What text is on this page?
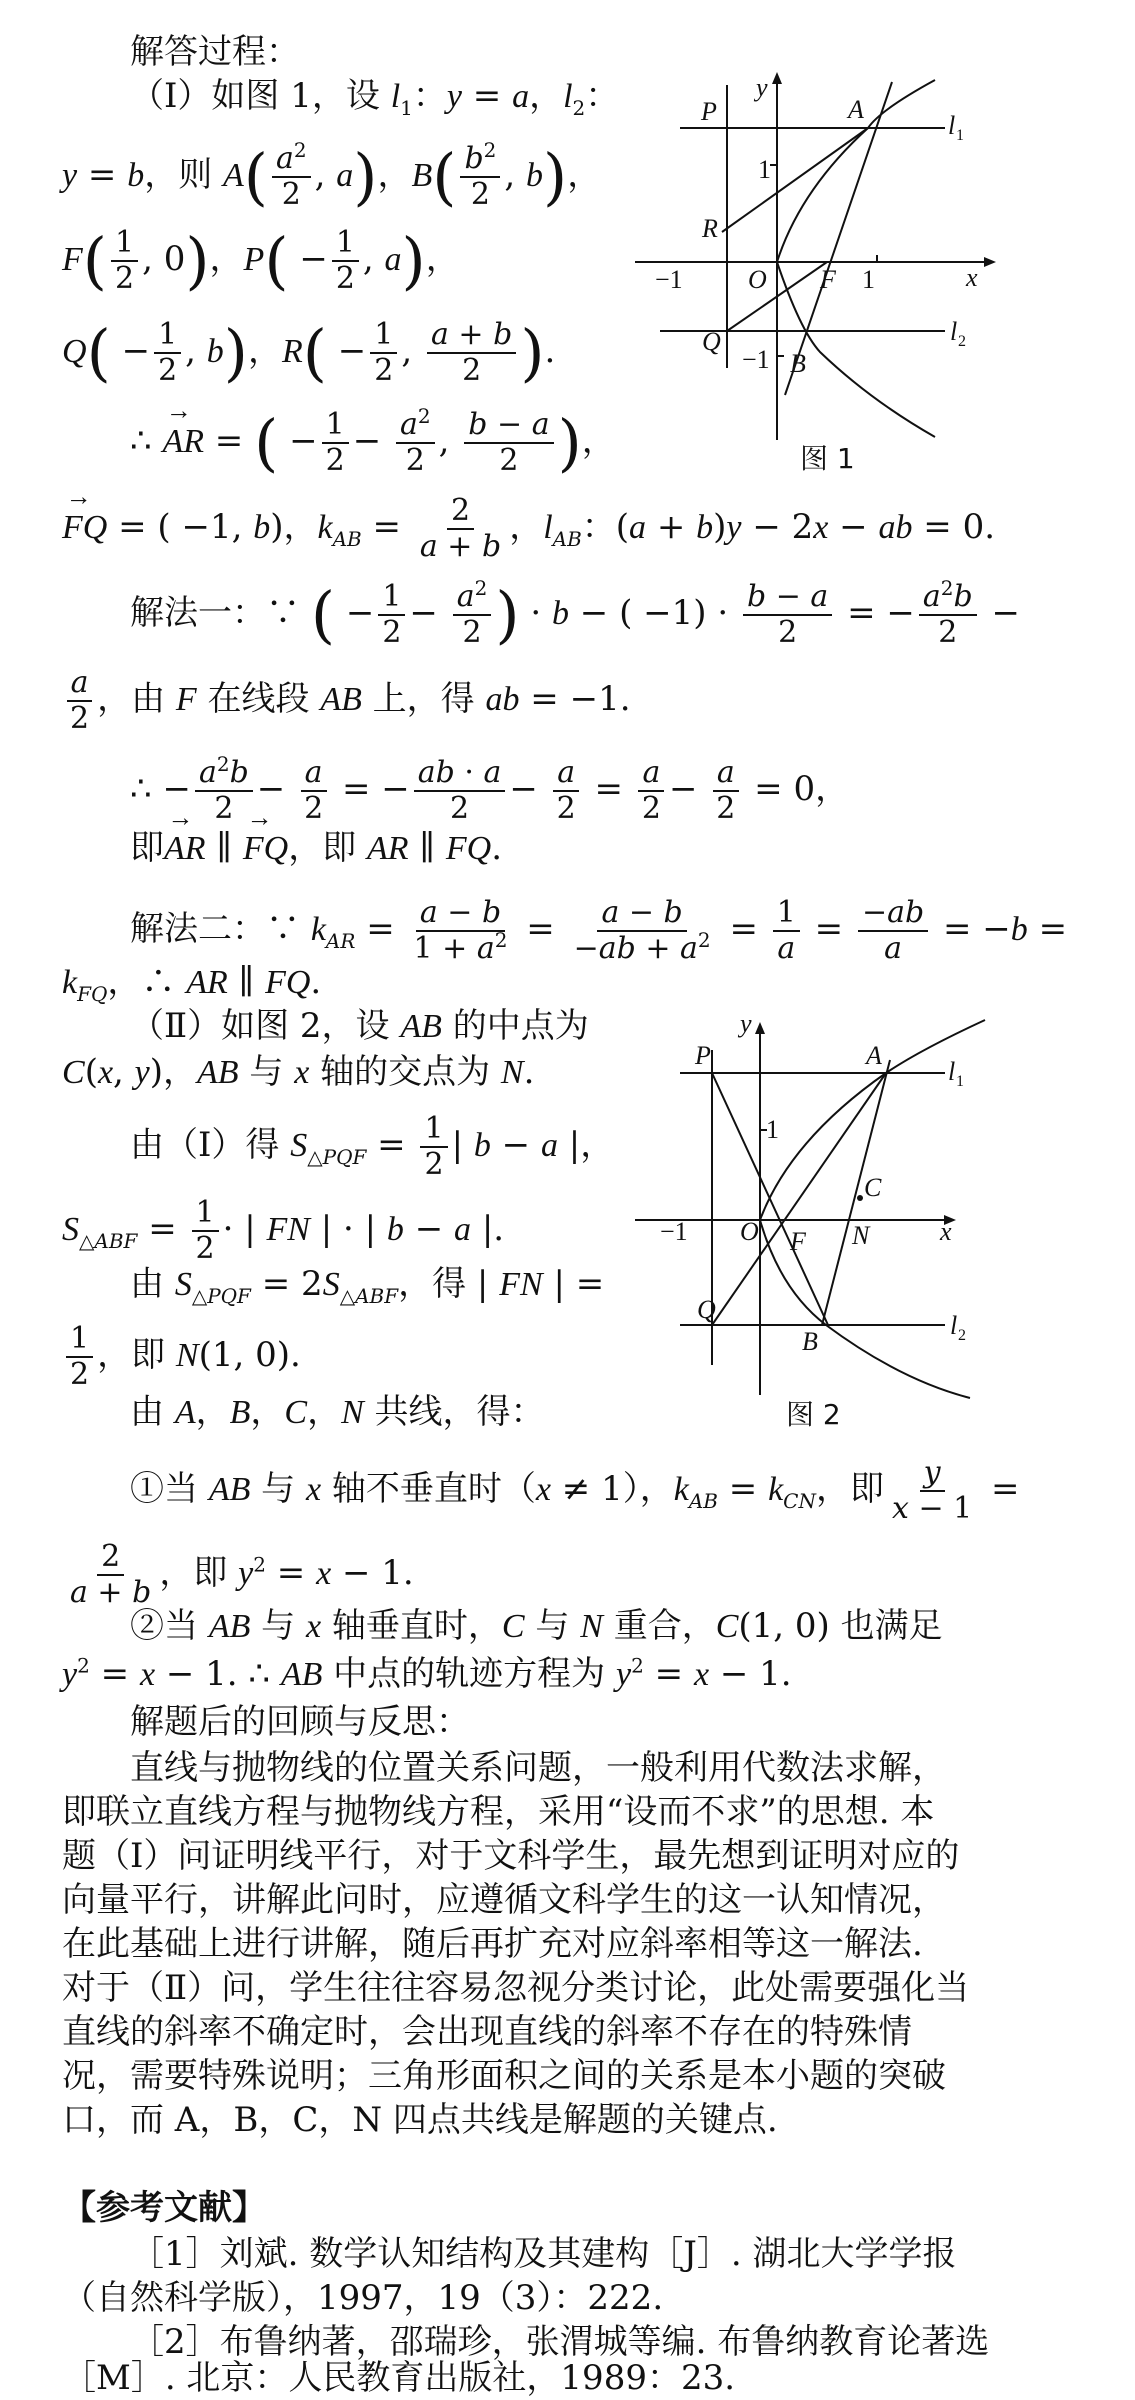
解答过程：
（Ⅰ）如图 1，设 $l_1$：y = a，$l_2$：
y = b，则 $A( \frac{a^2}{2}$ , a)，$B( \frac{b^2}{2}$ , b)，
$F( \frac{1}{2}$ , 0)，$P( - \frac{1}{2}$ , a)，
$Q( - \frac{1}{2}$ , b)，$R( - \frac{1}{2}$ , $\frac{a + b}{2}$ ).
∴ → AR = ( − $\frac{1}{2} - \frac{a^2}{2}$ , $\frac{b - a}{2}$ )，
→ FQ = ( −1, b)，$k_{AB} = \frac{2}{a + b}$ ，$l_{AB}$：(a + b)y − 2x − ab = 0.
解法一：∵ ( − $\frac{1}{2} - \frac{a^2}{2}$ ) · b − ( $-1) \cdot \frac{b - a}{2}$ = − $\frac{a^2b}{2}$ −
$\frac{a}{2}$ ，由 F 在线段 AB 上，得 ab = −1.
∴ − $\frac{a^2b}{2} - \frac{a}{2}$ = − $\frac{ab \cdot a}{2} - \frac{a}{2} = \frac{a}{2} - \frac{a}{2} = 0$，
即→ AR ∥ → FQ，即 AR ∥ FQ.
解法二：∵ $k_{AR} = \frac{a - b}{1 + a^2} = \frac{a - b}{-ab + a^2} = \frac{1}{a} = \frac{-ab}{a} = -b$ =
$k_{FQ}$，∴ AR ∥ FQ.
P	A
l 1
y
1
R
−1	O F 1	x
Q
−1 B
l 2
图 1
（Ⅱ）如图 2，设 AB 的中点为
C(x, y)，AB 与 x 轴的交点为 N.
由（Ⅰ）得 $S_{\triangle PQF} = \frac{1}{2}$ | b − a |，
$S_{\triangle ABF} = \frac{1}{2}$ · | FN | · | b − a |.
由 $S_{\triangle PQF} = 2S_{\triangle ABF}$，得 | FN | =
$\frac{1}{2}$ ，即 N(1, 0).
由 A，B，C，N 共线，得：
①当 AB 与 x 轴不垂直时（x ≠ 1），$k_{AB} = k_{CN}$，即 $\frac{y}{x - 1}$ =
$\frac{2}{a + b}$ ，即 $y^2 = x - 1$.
②当 AB 与 x 轴垂直时，C 与 N 重合，C(1, 0) 也满足
$y^2 = x - 1$. ∴ AB 中点的轨迹方程为 $y^2 = x - 1$.
P	A
l 1
y
1
C
−1 O F N	x
Q
B
l 2
图 2
解题后的回顾与反思：
直线与抛物线的位置关系问题，一般利用代数法求解，
即联立直线方程与抛物线方程，采用“设而不求”的思想. 本
题（Ⅰ）问证明线平行，对于文科学生，最先想到证明对应的
向量平行，讲解此问时，应遵循文科学生的这一认知情况，
在此基础上进行讲解，随后再扩充对应斜率相等这一解法.
对于（Ⅱ）问，学生往往容易忽视分类讨论，此处需要强化当
直线的斜率不确定时，会出现直线的斜率不存在的特殊情
况，需要特殊说明；三角形面积之间的关系是本小题的突破
口，而 A，B，C，N 四点共线是解题的关键点.
【参考文献】
［1］刘斌. 数学认知结构及其建构［J］. 湖北大学学报
（自然科学版），1997，19（3）：222.
［2］布鲁纳著，邵瑞珍，张渭城等编. 布鲁纳教育论著选
［M］. 北京：人民教育出版社，1989：23.
